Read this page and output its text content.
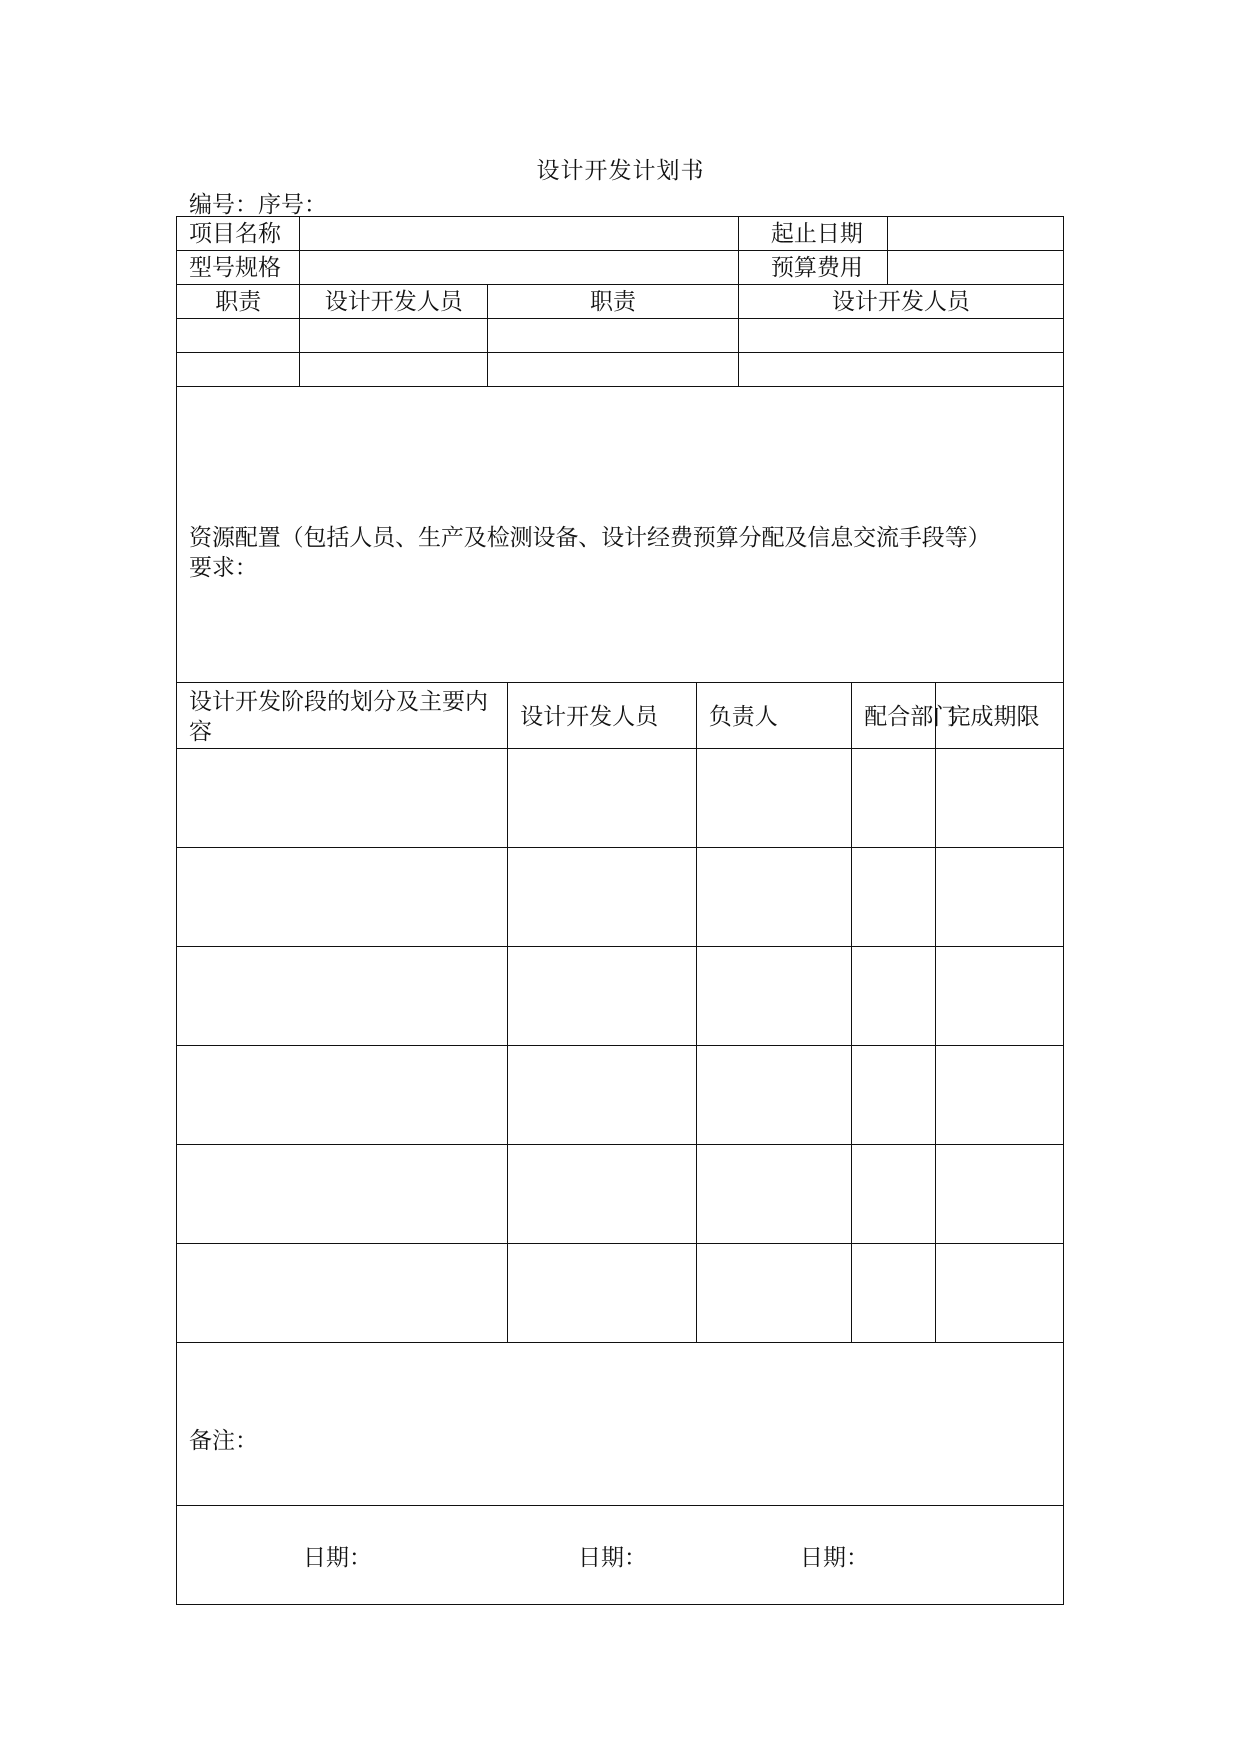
设计开发计划书
编号：序号：
项目名称					起止日期			
型号规格					预算费用			
职责	设计开发人员	职责			设计开发人员			

资源配置（包括人员、生产及检测设备、设计经费预算分配及信息交流手段等）
要求：								

设计开发阶段的划分及主要内容			设计开发人员	负责人		配合部门		完成期限

备注：								

日期： 日期： 日期：								
